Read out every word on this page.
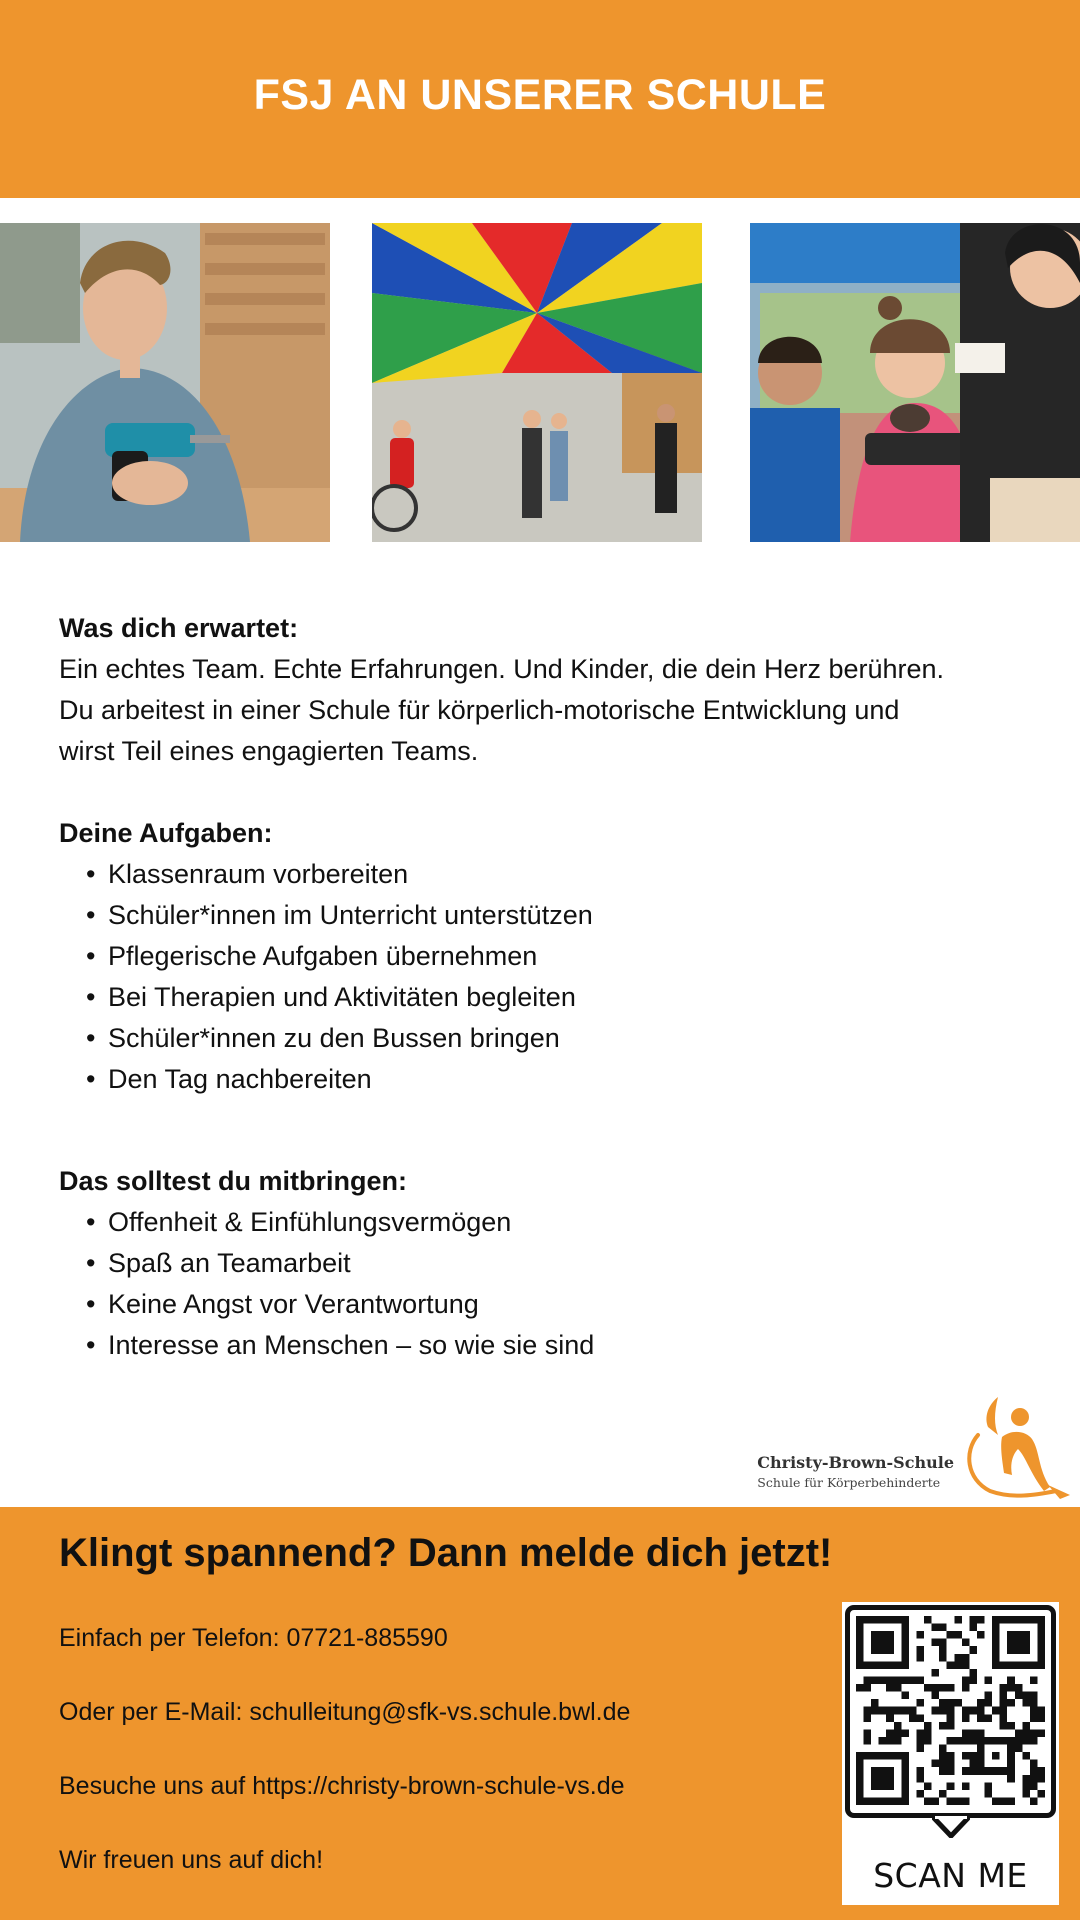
FSJ AN UNSERER SCHULE
Was dich erwartet:
Ein echtes Team. Echte Erfahrungen. Und Kinder, die dein Herz berühren.
Du arbeitest in einer Schule für körperlich-motorische Entwicklung und
wirst Teil eines engagierten Teams.
Deine Aufgaben:
• Klassenraum vorbereiten
• Schüler*innen im Unterricht unterstützen
• Pflegerische Aufgaben übernehmen
• Bei Therapien und Aktivitäten begleiten
• Schüler*innen zu den Bussen bringen
• Den Tag nachbereiten
Das solltest du mitbringen:
• Offenheit & Einfühlungsvermögen
• Spaß an Teamarbeit
• Keine Angst vor Verantwortung
• Interesse an Menschen – so wie sie sind
Christy-Brown-Schule
Schule für Körperbehinderte
Klingt spannend? Dann melde dich jetzt!
Einfach per Telefon: 07721-885590
Oder per E-Mail: schulleitung@sfk-vs.schule.bwl.de
Besuche uns auf https://christy-brown-schule-vs.de
Wir freuen uns auf dich!	SCAN ME
